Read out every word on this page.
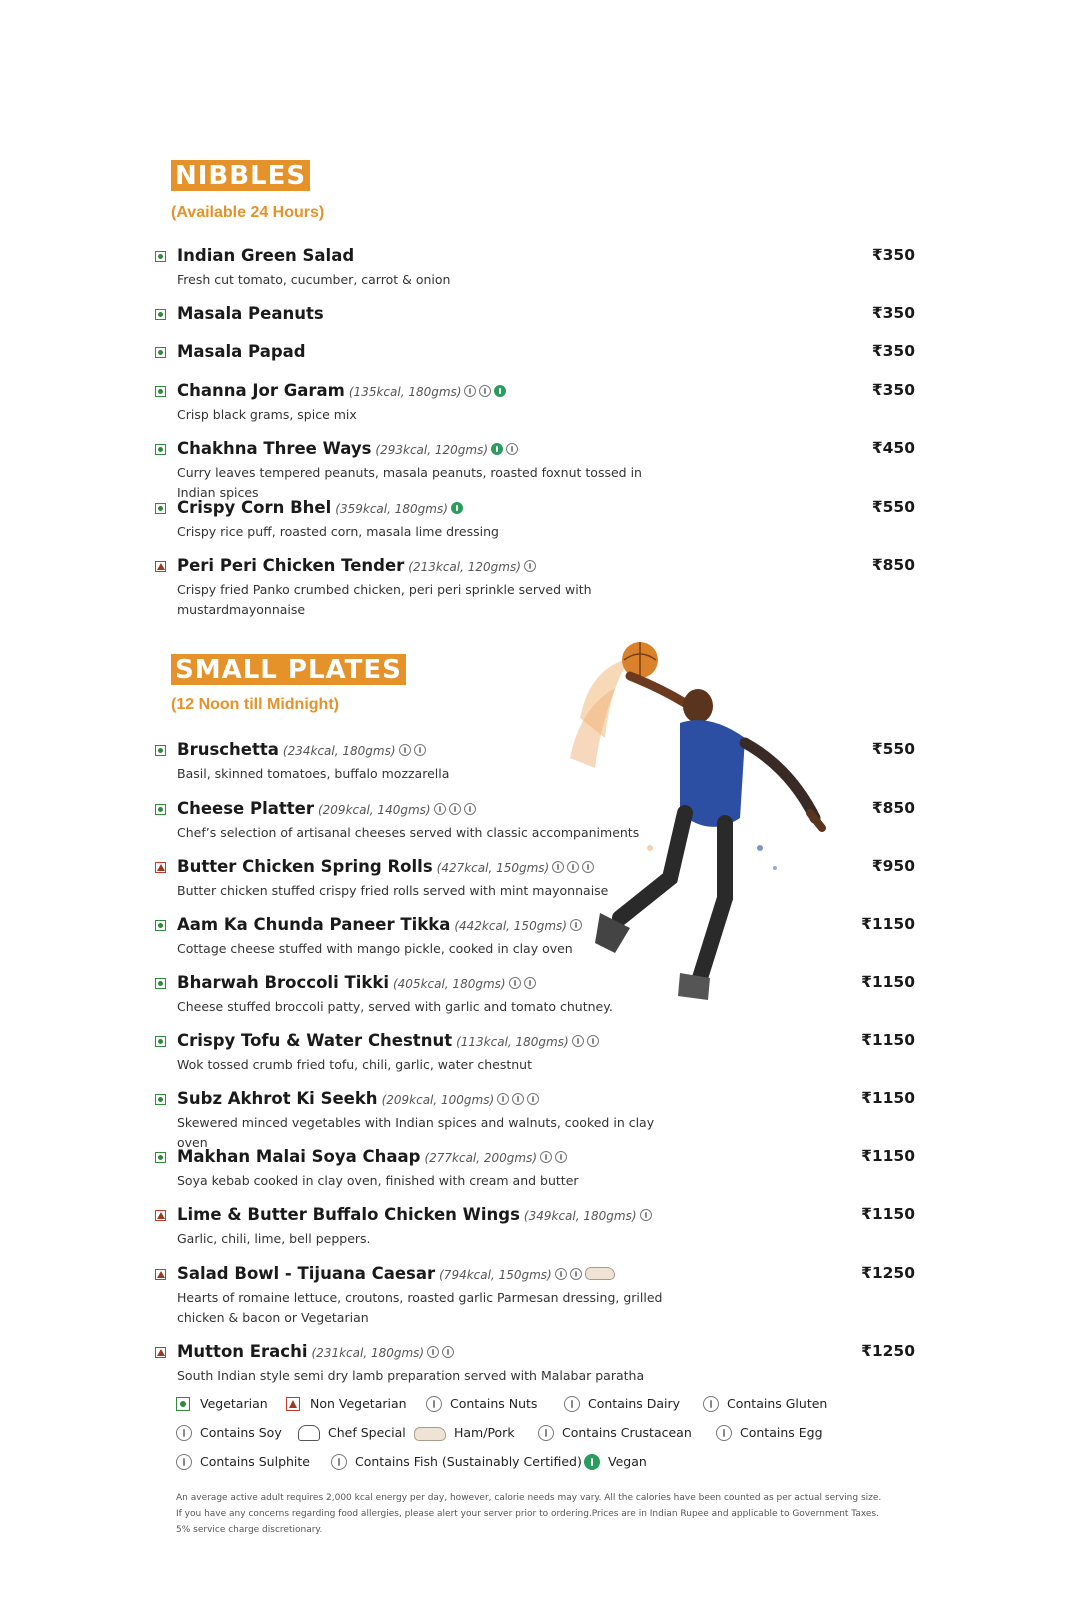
NIBBLES
(Available 24 Hours)
Indian Green Salad	₹350
Fresh cut tomato, cucumber, carrot & onion
Masala Peanuts	₹350
Masala Papad	₹350
Channa Jor Garam (135kcal, 180gms)	₹350
Crisp black grams, spice mix
Chakhna Three Ways (293kcal, 120gms)	₹450
Curry leaves tempered peanuts, masala peanuts, roasted foxnut tossed in Indian spices
Crispy Corn Bhel (359kcal, 180gms)	₹550
Crispy rice puff, roasted corn, masala lime dressing
Peri Peri Chicken Tender (213kcal, 120gms)	₹850
Crispy fried Panko crumbed chicken, peri peri sprinkle served with mustardmayonnaise
SMALL PLATES
(12 Noon till Midnight)
Bruschetta (234kcal, 180gms)	₹550
Basil, skinned tomatoes, buffalo mozzarella
Cheese Platter (209kcal, 140gms)	₹850
Chef’s selection of artisanal cheeses served with classic accompaniments
Butter Chicken Spring Rolls (427kcal, 150gms)	₹950
Butter chicken stuffed crispy fried rolls served with mint mayonnaise
Aam Ka Chunda Paneer Tikka (442kcal, 150gms)	₹1150
Cottage cheese stuffed with mango pickle, cooked in clay oven
Bharwah Broccoli Tikki (405kcal, 180gms)	₹1150
Cheese stuffed broccoli patty, served with garlic and tomato chutney.
Crispy Tofu & Water Chestnut (113kcal, 180gms)	₹1150
Wok tossed crumb fried tofu, chili, garlic, water chestnut
Subz Akhrot Ki Seekh (209kcal, 100gms)	₹1150
Skewered minced vegetables with Indian spices and walnuts, cooked in clay oven
Makhan Malai Soya Chaap (277kcal, 200gms)	₹1150
Soya kebab cooked in clay oven, finished with cream and butter
Lime & Butter Buffalo Chicken Wings (349kcal, 180gms)	₹1150
Garlic, chili, lime, bell peppers.
Salad Bowl - Tijuana Caesar (794kcal, 150gms)	₹1250
Hearts of romaine lettuce, croutons, roasted garlic Parmesan dressing, grilled chicken & bacon or Vegetarian
Mutton Erachi (231kcal, 180gms)	₹1250
South Indian style semi dry lamb preparation served with Malabar paratha
Vegetarian	Non Vegetarian	Contains Nuts	Contains Dairy	Contains Gluten
Contains Soy	Chef Special	Ham/Pork	Contains Crustacean	Contains Egg
Contains Sulphite	Contains Fish (Sustainably Certified)	Vegan
An average active adult requires 2,000 kcal energy per day, however, calorie needs may vary. All the calories have been counted as per actual serving size.
If you have any concerns regarding food allergies, please alert your server prior to ordering.Prices are in Indian Rupee and applicable to Government Taxes.
5% service charge discretionary.
